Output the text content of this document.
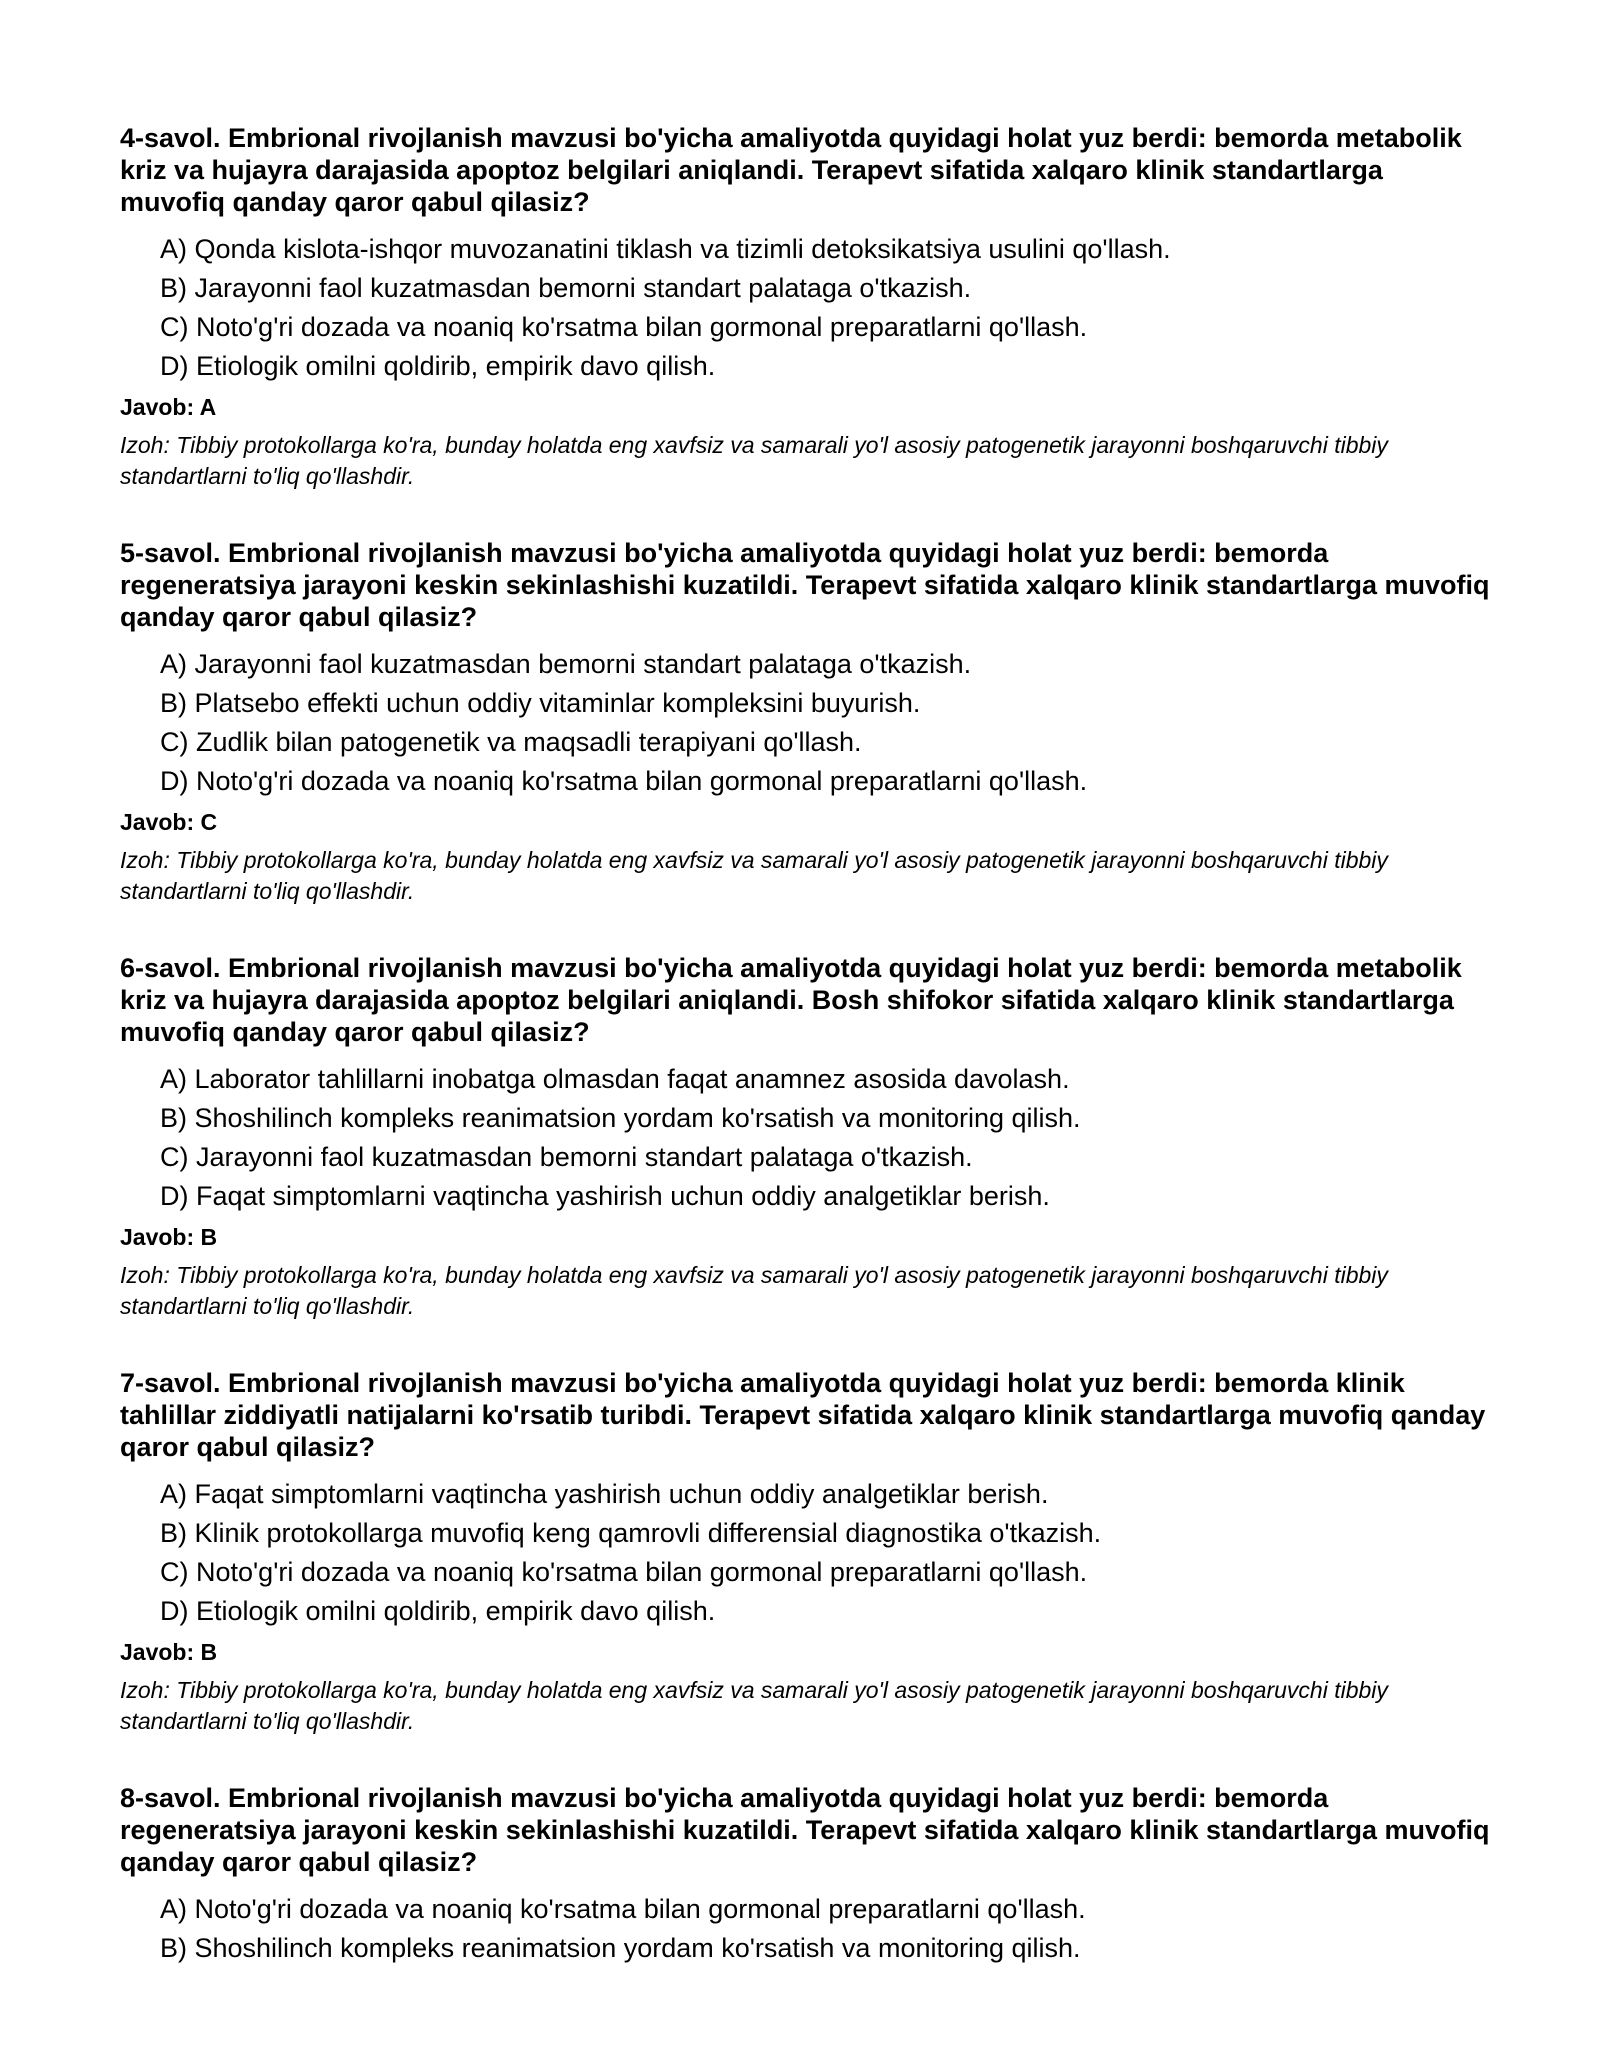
4-savol. Embrional rivojlanish mavzusi bo'yicha amaliyotda quyidagi holat yuz berdi: bemorda metabolik kriz va hujayra darajasida apoptoz belgilari aniqlandi. Terapevt sifatida xalqaro klinik standartlarga muvofiq qanday qaror qabul qilasiz?
A) Qonda kislota-ishqor muvozanatini tiklash va tizimli detoksikatsiya usulini qo'llash.
B) Jarayonni faol kuzatmasdan bemorni standart palataga o'tkazish.
C) Noto'g'ri dozada va noaniq ko'rsatma bilan gormonal preparatlarni qo'llash.
D) Etiologik omilni qoldirib, empirik davo qilish.
Javob: A

Izoh: Tibbiy protokollarga ko'ra, bunday holatda eng xavfsiz va samarali yo'l asosiy patogenetik jarayonni boshqaruvchi tibbiy standartlarni to'liq qo'llashdir.

5-savol. Embrional rivojlanish mavzusi bo'yicha amaliyotda quyidagi holat yuz berdi: bemorda regeneratsiya jarayoni keskin sekinlashishi kuzatildi. Terapevt sifatida xalqaro klinik standartlarga muvofiq qanday qaror qabul qilasiz?
A) Jarayonni faol kuzatmasdan bemorni standart palataga o'tkazish.
B) Platsebo effekti uchun oddiy vitaminlar kompleksini buyurish.
C) Zudlik bilan patogenetik va maqsadli terapiyani qo'llash.
D) Noto'g'ri dozada va noaniq ko'rsatma bilan gormonal preparatlarni qo'llash.
Javob: C

Izoh: Tibbiy protokollarga ko'ra, bunday holatda eng xavfsiz va samarali yo'l asosiy patogenetik jarayonni boshqaruvchi tibbiy standartlarni to'liq qo'llashdir.

6-savol. Embrional rivojlanish mavzusi bo'yicha amaliyotda quyidagi holat yuz berdi: bemorda metabolik kriz va hujayra darajasida apoptoz belgilari aniqlandi. Bosh shifokor sifatida xalqaro klinik standartlarga muvofiq qanday qaror qabul qilasiz?
A) Laborator tahlillarni inobatga olmasdan faqat anamnez asosida davolash.
B) Shoshilinch kompleks reanimatsion yordam ko'rsatish va monitoring qilish.
C) Jarayonni faol kuzatmasdan bemorni standart palataga o'tkazish.
D) Faqat simptomlarni vaqtincha yashirish uchun oddiy analgetiklar berish.
Javob: B

Izoh: Tibbiy protokollarga ko'ra, bunday holatda eng xavfsiz va samarali yo'l asosiy patogenetik jarayonni boshqaruvchi tibbiy standartlarni to'liq qo'llashdir.

7-savol. Embrional rivojlanish mavzusi bo'yicha amaliyotda quyidagi holat yuz berdi: bemorda klinik tahlillar ziddiyatli natijalarni ko'rsatib turibdi. Terapevt sifatida xalqaro klinik standartlarga muvofiq qanday qaror qabul qilasiz?
A) Faqat simptomlarni vaqtincha yashirish uchun oddiy analgetiklar berish.
B) Klinik protokollarga muvofiq keng qamrovli differensial diagnostika o'tkazish.
C) Noto'g'ri dozada va noaniq ko'rsatma bilan gormonal preparatlarni qo'llash.
D) Etiologik omilni qoldirib, empirik davo qilish.
Javob: B

Izoh: Tibbiy protokollarga ko'ra, bunday holatda eng xavfsiz va samarali yo'l asosiy patogenetik jarayonni boshqaruvchi tibbiy standartlarni to'liq qo'llashdir.

8-savol. Embrional rivojlanish mavzusi bo'yicha amaliyotda quyidagi holat yuz berdi: bemorda regeneratsiya jarayoni keskin sekinlashishi kuzatildi. Terapevt sifatida xalqaro klinik standartlarga muvofiq qanday qaror qabul qilasiz?
A) Noto'g'ri dozada va noaniq ko'rsatma bilan gormonal preparatlarni qo'llash.
B) Shoshilinch kompleks reanimatsion yordam ko'rsatish va monitoring qilish.
